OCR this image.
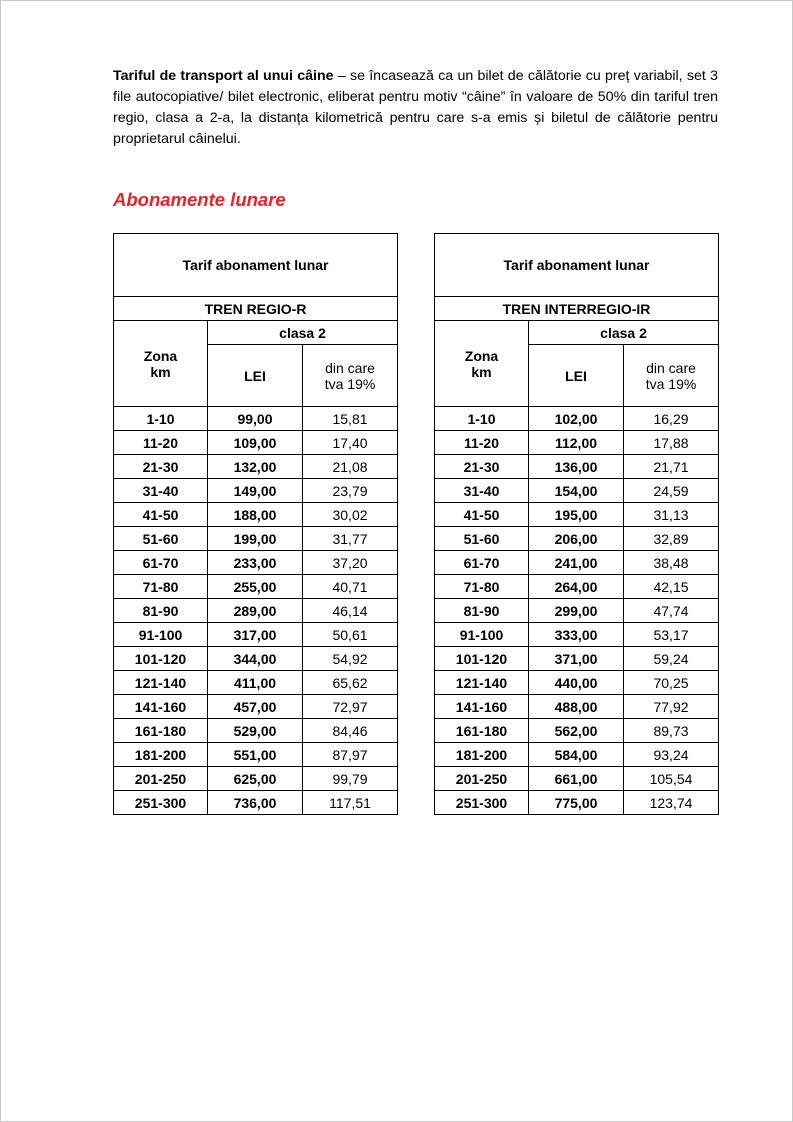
Tariful de transport al unui câine – se încasează ca un bilet de călătorie cu preț variabil, set 3 file autocopiative/ bilet electronic, eliberat pentru motiv “câine” în valoare de 50% din tariful tren regio, clasa a 2-a, la distanța kilometrică pentru care s-a emis și biletul de călătorie pentru proprietarul câinelui.

Abonamente lunare
Tarif abonament lunar		
TREN REGIO-R		
Zona
km	clasa 2	
	LEI	din care
tva 19%
1-10	99,00	15,81
11-20	109,00	17,40
21-30	132,00	21,08
31-40	149,00	23,79
41-50	188,00	30,02
51-60	199,00	31,77
61-70	233,00	37,20
71-80	255,00	40,71
81-90	289,00	46,14
91-100	317,00	50,61
101-120	344,00	54,92
121-140	411,00	65,62
141-160	457,00	72,97
161-180	529,00	84,46
181-200	551,00	87,97
201-250	625,00	99,79
251-300	736,00	117,51
Tarif abonament lunar		
TREN INTERREGIO-IR		
Zona
km	clasa 2	
	LEI	din care
tva 19%
1-10	102,00	16,29
11-20	112,00	17,88
21-30	136,00	21,71
31-40	154,00	24,59
41-50	195,00	31,13
51-60	206,00	32,89
61-70	241,00	38,48
71-80	264,00	42,15
81-90	299,00	47,74
91-100	333,00	53,17
101-120	371,00	59,24
121-140	440,00	70,25
141-160	488,00	77,92
161-180	562,00	89,73
181-200	584,00	93,24
201-250	661,00	105,54
251-300	775,00	123,74
